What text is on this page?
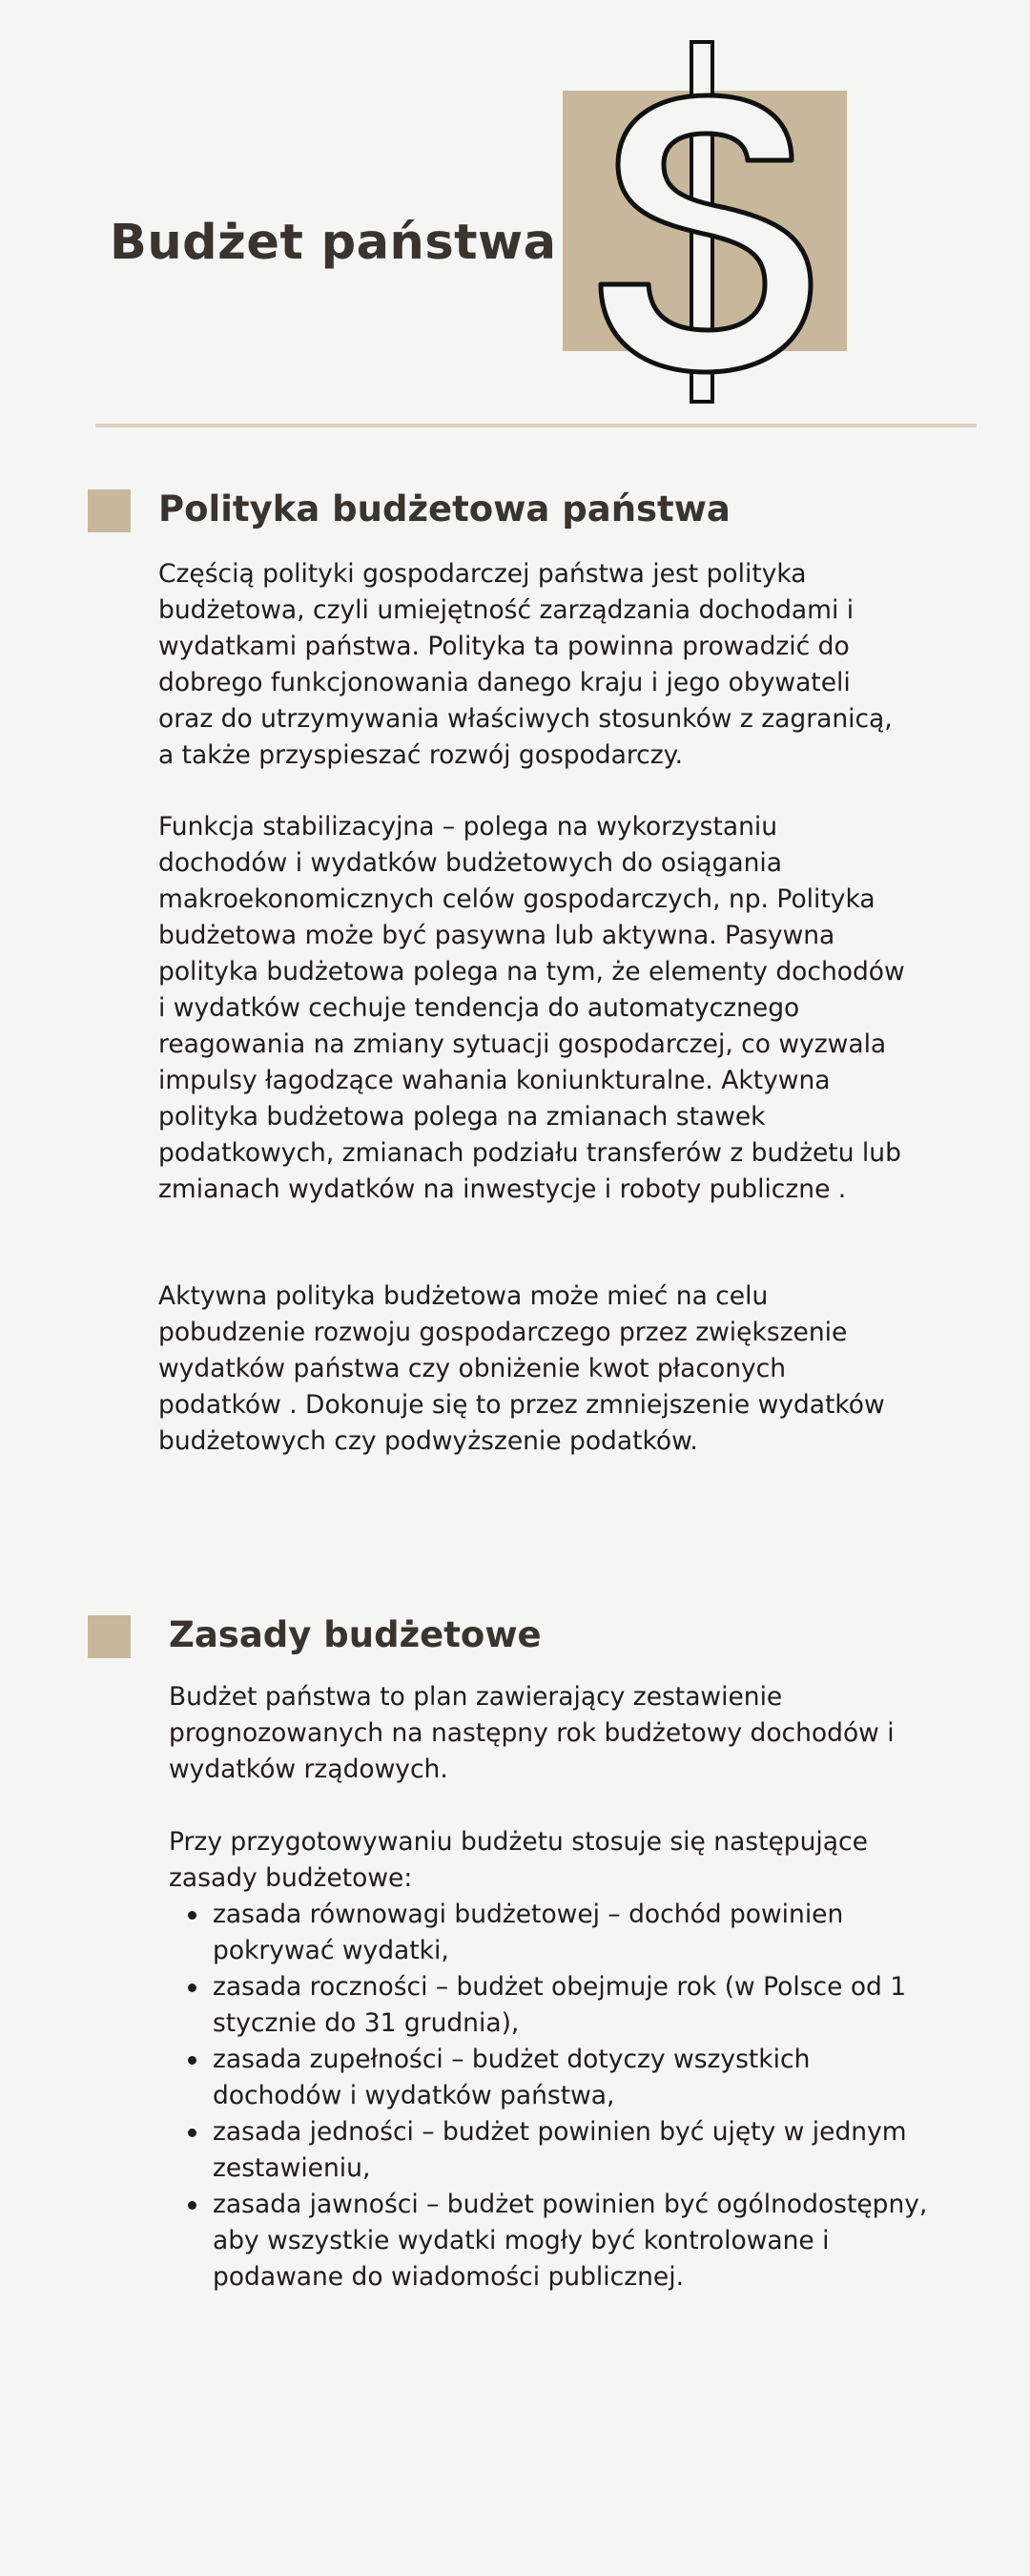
Budżet państwa
Polityka budżetowa państwa

Częścią polityki gospodarczej państwa jest polityka budżetowa, czyli umiejętność zarządzania dochodami i wydatkami państwa. Polityka ta powinna prowadzić do dobrego funkcjonowania danego kraju i jego obywateli oraz do utrzymywania właściwych stosunków z zagranicą, a także przyspieszać rozwój gospodarczy.

Funkcja stabilizacyjna – polega na wykorzystaniu dochodów i wydatków budżetowych do osiągania makroekonomicznych celów gospodarczych, np. Polityka budżetowa może być pasywna lub aktywna. Pasywna polityka budżetowa polega na tym, że elementy dochodów i wydatków cechuje tendencja do automatycznego reagowania na zmiany sytuacji gospodarczej, co wyzwala impulsy łagodzące wahania koniunkturalne. Aktywna polityka budżetowa polega na zmianach stawek podatkowych, zmianach podziału transferów z budżetu lub zmianach wydatków na inwestycje i roboty publiczne .

Aktywna polityka budżetowa może mieć na celu pobudzenie rozwoju gospodarczego przez zwiększenie wydatków państwa czy obniżenie kwot płaconych podatków . Dokonuje się to przez zmniejszenie wydatków budżetowych czy podwyższenie podatków.

Zasady budżetowe

Budżet państwa to plan zawierający zestawienie prognozowanych na następny rok budżetowy dochodów i wydatków rządowych.

Przy przygotowywaniu budżetu stosuje się następujące zasady budżetowe:

zasada równowagi budżetowej – dochód powinien pokrywać wydatki,
zasada roczności – budżet obejmuje rok (w Polsce od 1 stycznie do 31 grudnia),
zasada zupełności – budżet dotyczy wszystkich dochodów i wydatków państwa,
zasada jedności – budżet powinien być ujęty w jednym zestawieniu,
zasada jawności – budżet powinien być ogólnodostępny, aby wszystkie wydatki mogły być kontrolowane i podawane do wiadomości publicznej.
